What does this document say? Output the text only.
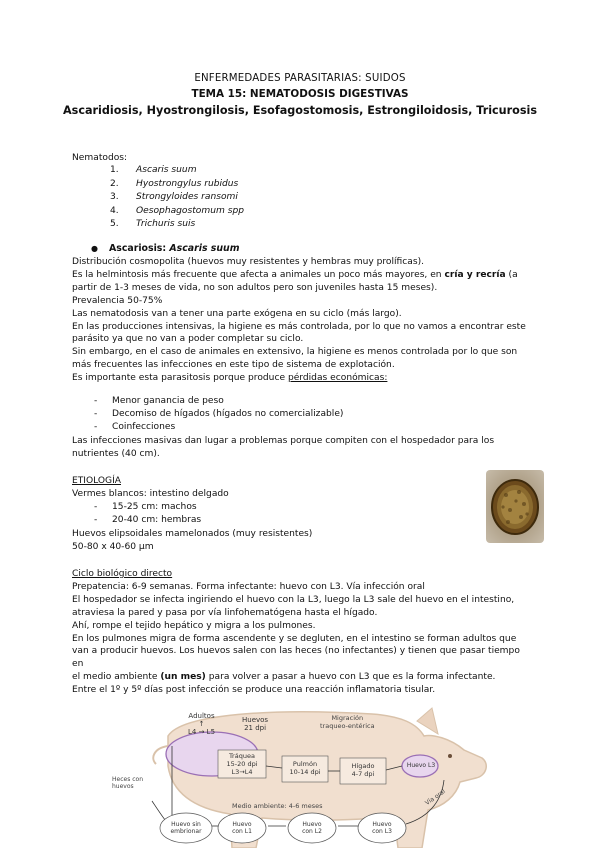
ENFERMEDADES PARASITARIAS: SUIDOS
TEMA 15: NEMATODOSIS DIGESTIVAS
Ascaridiosis, Hyostrongilosis, Esofagostomosis, Estrongiloidosis, Tricurosis
Nematodos:
1. Ascaris suum
2. Hyostrongylus rubidus
3. Strongyloides ransomi
4. Oesophagostomum spp
5. Trichuris suis
● Ascariosis: Ascaris suum
Distribución cosmopolita (huevos muy resistentes y hembras muy prolíficas).
Es la helmintosis más frecuente que afecta a animales un poco más mayores, en cría y recría (a
partir de 1-3 meses de vida, no son adultos pero son juveniles hasta 15 meses).
Prevalencia 50-75%
Las nematodosis van a tener una parte exógena en su ciclo (más largo).
En las producciones intensivas, la higiene es más controlada, por lo que no vamos a encontrar este
parásito ya que no van a poder completar su ciclo.
Sin embargo, en el caso de animales en extensivo, la higiene es menos controlada por lo que son
más frecuentes las infecciones en este tipo de sistema de explotación.
Es importante esta parasitosis porque produce pérdidas económicas:
- Menor ganancia de peso
- Decomiso de hígados (hígados no comercializable)
- Coinfecciones
Las infecciones masivas dan lugar a problemas porque compiten con el hospedador para los
nutrientes (40 cm).
ETIOLOGÍA
Vermes blancos: intestino delgado
- 15-25 cm: machos
- 20-40 cm: hembras
Huevos elipsoidales mamelonados (muy resistentes)
50-80 x 40-60 µm
Ciclo biológico directo
Prepatencia: 6-9 semanas. Forma infectante: huevo con L3. Vía infección oral
El hospedador se infecta ingiriendo el huevo con la L3, luego la L3 sale del huevo en el intestino,
atraviesa la pared y pasa por vía linfohematógena hasta el hígado.
Ahí, rompe el tejido hepático y migra a los pulmones.
En los pulmones migra de forma ascendente y se degluten, en el intestino se forman adultos que
van a producir huevos. Los huevos salen con las heces (no infectantes) y tienen que pasar tiempo en
el medio ambiente (un mes) para volver a pasar a huevo con L3 que es la forma infectante.
Entre el 1º y 5º días post infección se produce una reacción inflamatoria tisular.
Adultos
↑
L4 → L5
Huevos
21 dpi
Migración
traqueo-entérica
Tráquea
15-20 dpi
L3→L4
Pulmón
10-14 dpi
Hígado
4-7 dpi
Huevo L3
Heces con
huevos
Medio ambiente: 4-6 meses	Vía oral
Huevo sin
embrionar
Huevo
con L1
Huevo
con L2
Huevo
con L3
